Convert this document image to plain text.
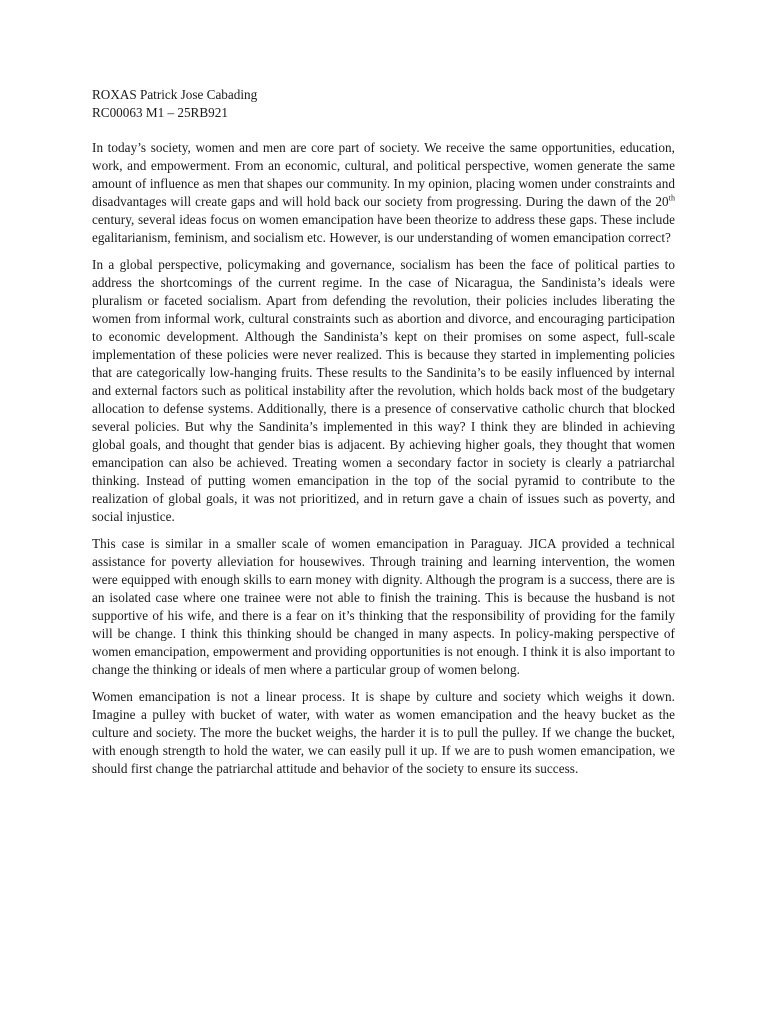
ROXAS Patrick Jose Cabading
RC00063 M1 – 25RB921

In today’s society, women and men are core part of society. We receive the same opportunities, education, work, and empowerment. From an economic, cultural, and political perspective, women generate the same amount of influence as men that shapes our community. In my opinion, placing women under constraints and disadvantages will create gaps and will hold back our society from progressing. During the dawn of the 20th century, several ideas focus on women emancipation have been theorize to address these gaps. These include egalitarianism, feminism, and socialism etc. However, is our understanding of women emancipation correct?

In a global perspective, policymaking and governance, socialism has been the face of political parties to address the shortcomings of the current regime. In the case of Nicaragua, the Sandinista’s ideals were pluralism or faceted socialism. Apart from defending the revolution, their policies includes liberating the women from informal work, cultural constraints such as abortion and divorce, and encouraging participation to economic development. Although the Sandinista’s kept on their promises on some aspect, full-scale implementation of these policies were never realized. This is because they started in implementing policies that are categorically low-hanging fruits. These results to the Sandinita’s to be easily influenced by internal and external factors such as political instability after the revolution, which holds back most of the budgetary allocation to defense systems. Additionally, there is a presence of conservative catholic church that blocked several policies. But why the Sandinita’s implemented in this way? I think they are blinded in achieving global goals, and thought that gender bias is adjacent. By achieving higher goals, they thought that women emancipation can also be achieved. Treating women a secondary factor in society is clearly a patriarchal thinking. Instead of putting women emancipation in the top of the social pyramid to contribute to the realization of global goals, it was not prioritized, and in return gave a chain of issues such as poverty, and social injustice.

This case is similar in a smaller scale of women emancipation in Paraguay. JICA provided a technical assistance for poverty alleviation for housewives. Through training and learning intervention, the women were equipped with enough skills to earn money with dignity. Although the program is a success, there are is an isolated case where one trainee were not able to finish the training. This is because the husband is not supportive of his wife, and there is a fear on it’s thinking that the responsibility of providing for the family will be change. I think this thinking should be changed in many aspects. In policy-making perspective of women emancipation, empowerment and providing opportunities is not enough. I think it is also important to change the thinking or ideals of men where a particular group of women belong.

Women emancipation is not a linear process. It is shape by culture and society which weighs it down. Imagine a pulley with bucket of water, with water as women emancipation and the heavy bucket as the culture and society. The more the bucket weighs, the harder it is to pull the pulley. If we change the bucket, with enough strength to hold the water, we can easily pull it up. If we are to push women emancipation, we should first change the patriarchal attitude and behavior of the society to ensure its success.
